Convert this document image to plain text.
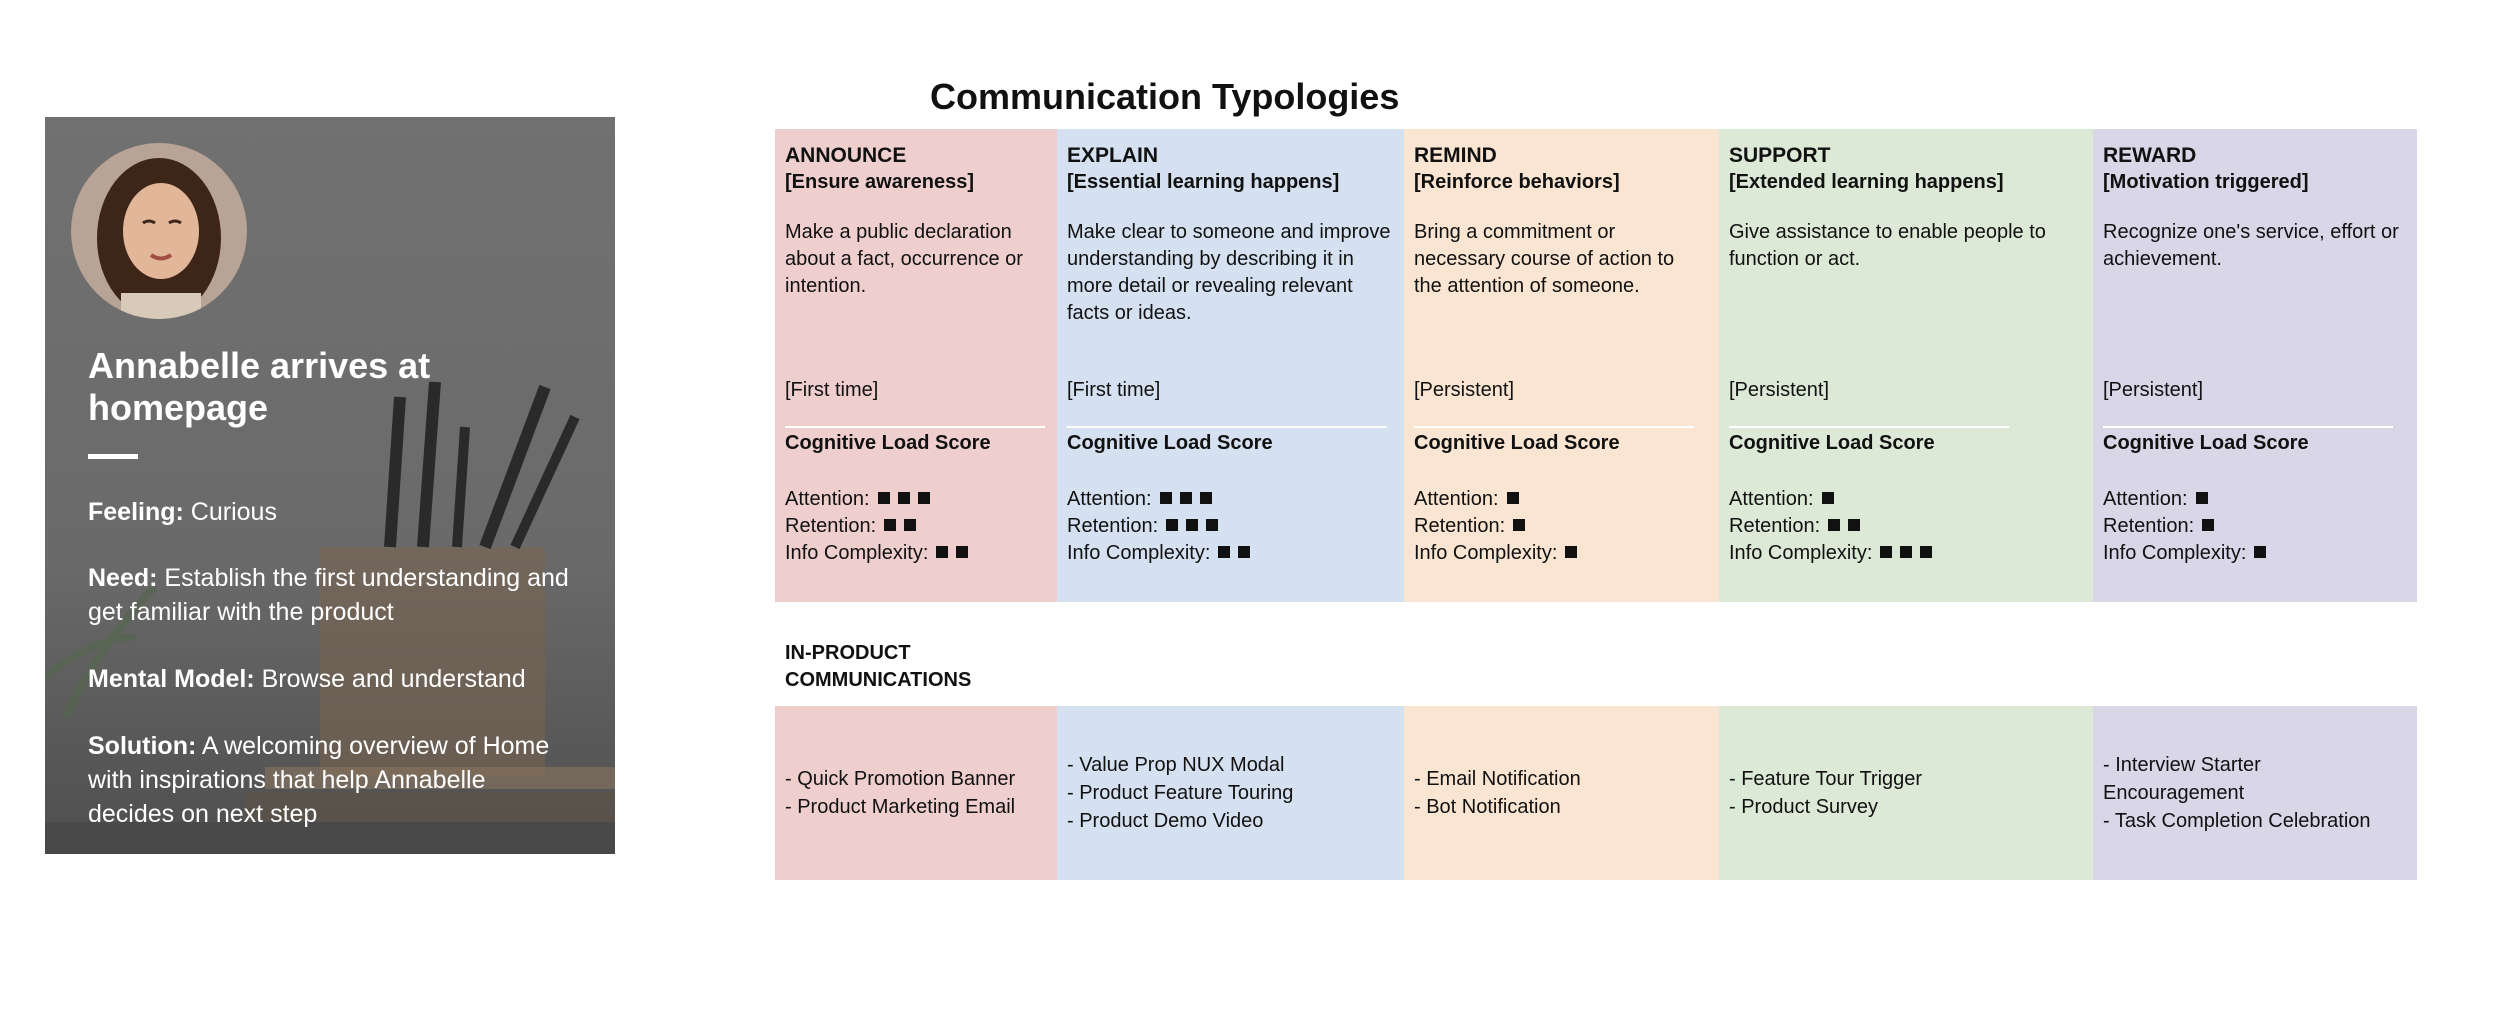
Annabelle arrives at homepage
Feeling: Curious
Need: Establish the first understanding and get familiar with the product
Mental Model: Browse and understand
Solution: A welcoming overview of Home with inspirations that help Annabelle decides on next step
Communication Typologies
ANNOUNCE
[Ensure awareness]
Make a public declaration about a fact, occurrence or intention.
[First time]
Cognitive Load Score
Attention:
Retention:
Info Complexity:
EXPLAIN
[Essential learning happens]
Make clear to someone and improve understanding by describing it in more detail or revealing relevant facts or ideas.
[First time]
Cognitive Load Score
Attention:
Retention:
Info Complexity:
REMIND
[Reinforce behaviors]
Bring a commitment or necessary course of action to the attention of someone.
[Persistent]
Cognitive Load Score
Attention:
Retention:
Info Complexity:
SUPPORT
[Extended learning happens]
Give assistance to enable people to function or act.
[Persistent]
Cognitive Load Score
Attention:
Retention:
Info Complexity:
REWARD
[Motivation triggered]
Recognize one's service, effort or achievement.
[Persistent]
Cognitive Load Score
Attention:
Retention:
Info Complexity:
IN-PRODUCT COMMUNICATIONS
- Quick Promotion Banner
- Product Marketing Email
- Value Prop NUX Modal
- Product Feature Touring
- Product Demo Video
- Email Notification
- Bot Notification
- Feature Tour Trigger
- Product Survey
- Interview Starter Encouragement
- Task Completion Celebration
